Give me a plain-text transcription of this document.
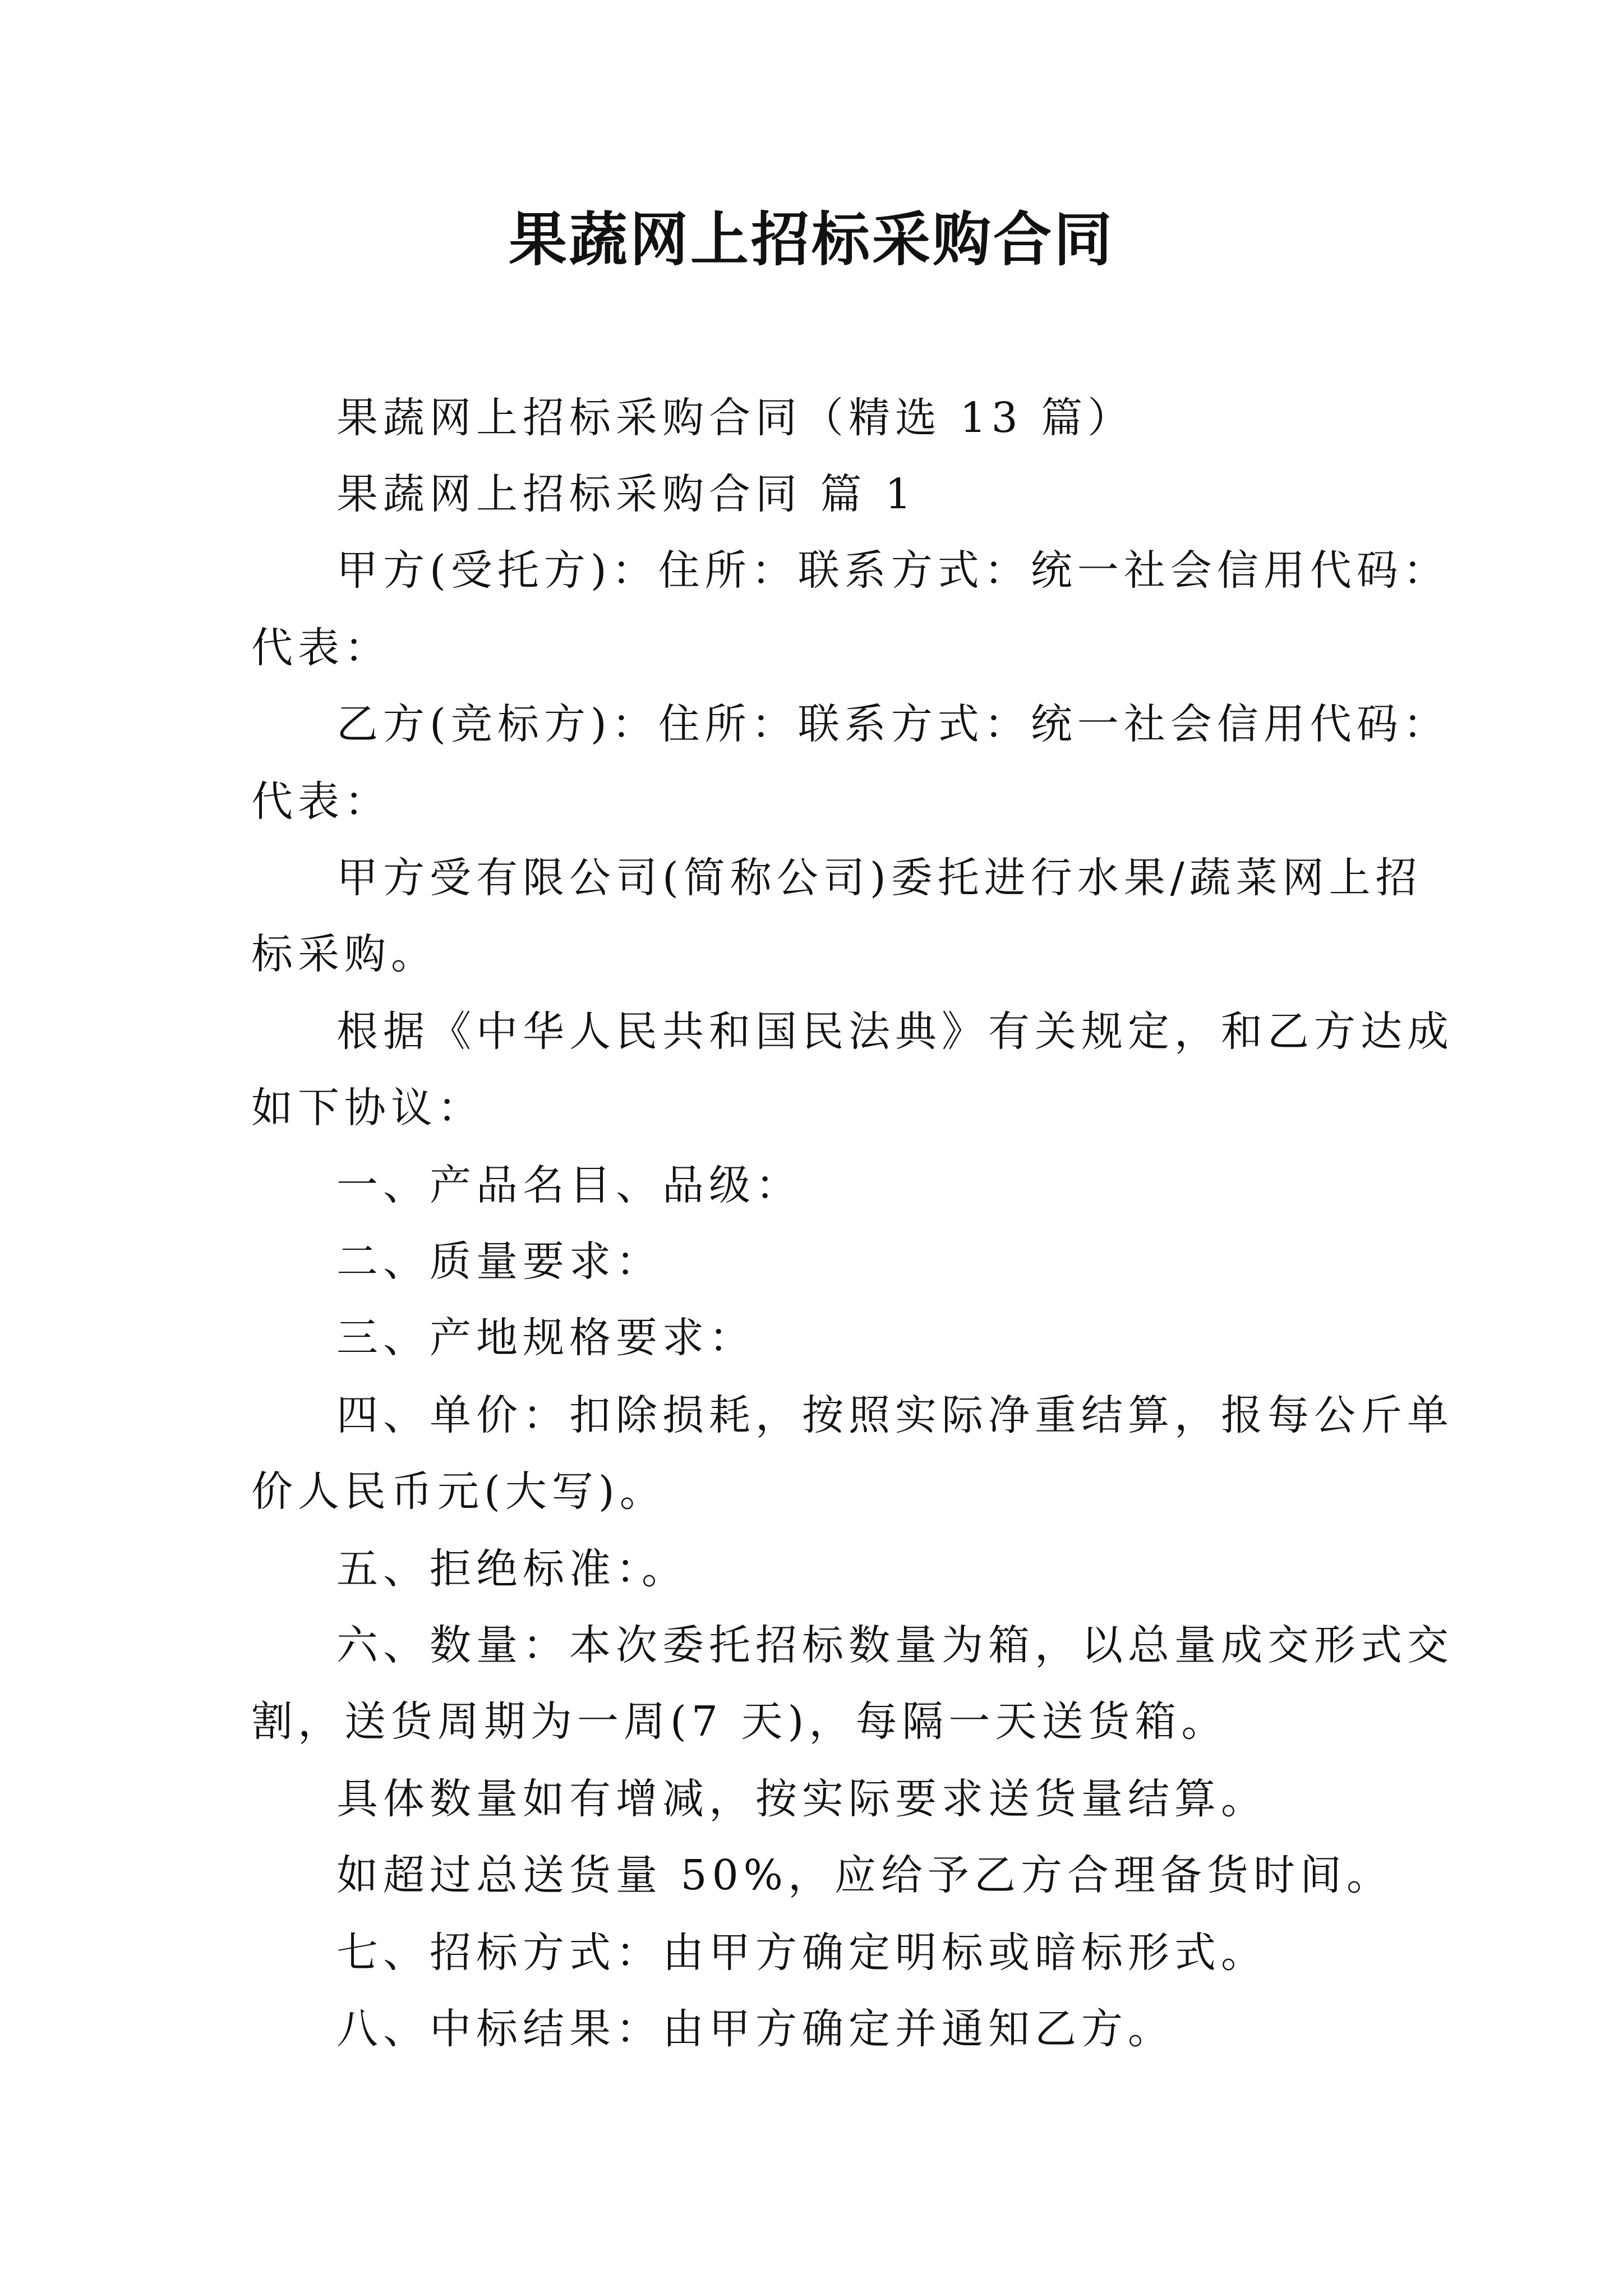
果蔬网上招标采购合同
果蔬网上招标采购合同（精选 13 篇）
果蔬网上招标采购合同 篇 1
甲方(受托方)：住所：联系方式：统一社会信用代码：
代表：
乙方(竞标方)：住所：联系方式：统一社会信用代码：
代表：
甲方受有限公司(简称公司)委托进行水果/蔬菜网上招
标采购。
根据《中华人民共和国民法典》有关规定，和乙方达成
如下协议：
一、产品名目、品级：
二、质量要求：
三、产地规格要求：
四、单价：扣除损耗，按照实际净重结算，报每公斤单
价人民币元(大写)。
五、拒绝标准：。
六、数量：本次委托招标数量为箱，以总量成交形式交
割，送货周期为一周(7 天)，每隔一天送货箱。
具体数量如有增减，按实际要求送货量结算。
如超过总送货量 50%，应给予乙方合理备货时间。
七、招标方式：由甲方确定明标或暗标形式。
八、中标结果：由甲方确定并通知乙方。
